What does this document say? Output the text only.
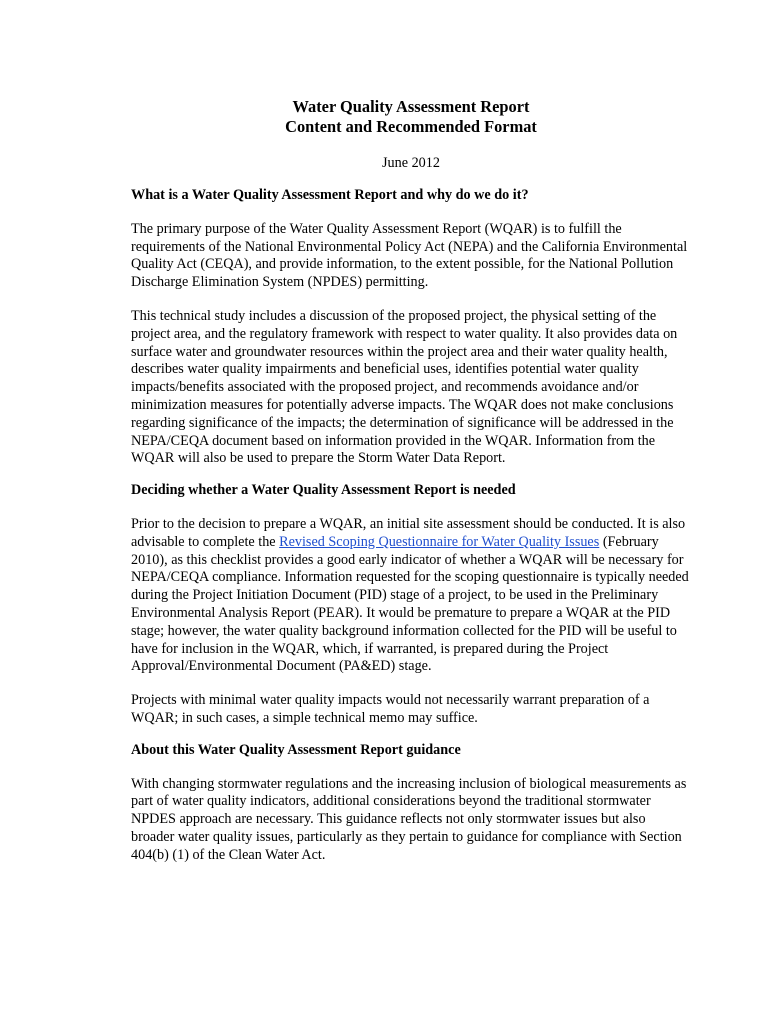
Water Quality Assessment Report

Content and Recommended Format

June 2012

What is a Water Quality Assessment Report and why do we do it?

The primary purpose of the Water Quality Assessment Report (WQAR) is to fulfill the requirements of the National Environmental Policy Act (NEPA) and the California Environmental Quality Act (CEQA), and provide information, to the extent possible, for the National Pollution Discharge Elimination System (NPDES) permitting.

This technical study includes a discussion of the proposed project, the physical setting of the project area, and the regulatory framework with respect to water quality. It also provides data on surface water and groundwater resources within the project area and their water quality health, describes water quality impairments and beneficial uses, identifies potential water quality impacts/benefits associated with the proposed project, and recommends avoidance and/or minimization measures for potentially adverse impacts. The WQAR does not make conclusions regarding significance of the impacts; the determination of significance will be addressed in the NEPA/CEQA document based on information provided in the WQAR. Information from the WQAR will also be used to prepare the Storm Water Data Report.

Deciding whether a Water Quality Assessment Report is needed

Prior to the decision to prepare a WQAR, an initial site assessment should be conducted. It is also advisable to complete the Revised Scoping Questionnaire for Water Quality Issues (February 2010), as this checklist provides a good early indicator of whether a WQAR will be necessary for NEPA/CEQA compliance. Information requested for the scoping questionnaire is typically needed during the Project Initiation Document (PID) stage of a project, to be used in the Preliminary Environmental Analysis Report (PEAR). It would be premature to prepare a WQAR at the PID stage; however, the water quality background information collected for the PID will be useful to have for inclusion in the WQAR, which, if warranted, is prepared during the Project Approval/Environmental Document (PA&ED) stage.

Projects with minimal water quality impacts would not necessarily warrant preparation of a WQAR; in such cases, a simple technical memo may suffice.

About this Water Quality Assessment Report guidance

With changing stormwater regulations and the increasing inclusion of biological measurements as part of water quality indicators, additional considerations beyond the traditional stormwater NPDES approach are necessary. This guidance reflects not only stormwater issues but also broader water quality issues, particularly as they pertain to guidance for compliance with Section 404(b) (1) of the Clean Water Act.
